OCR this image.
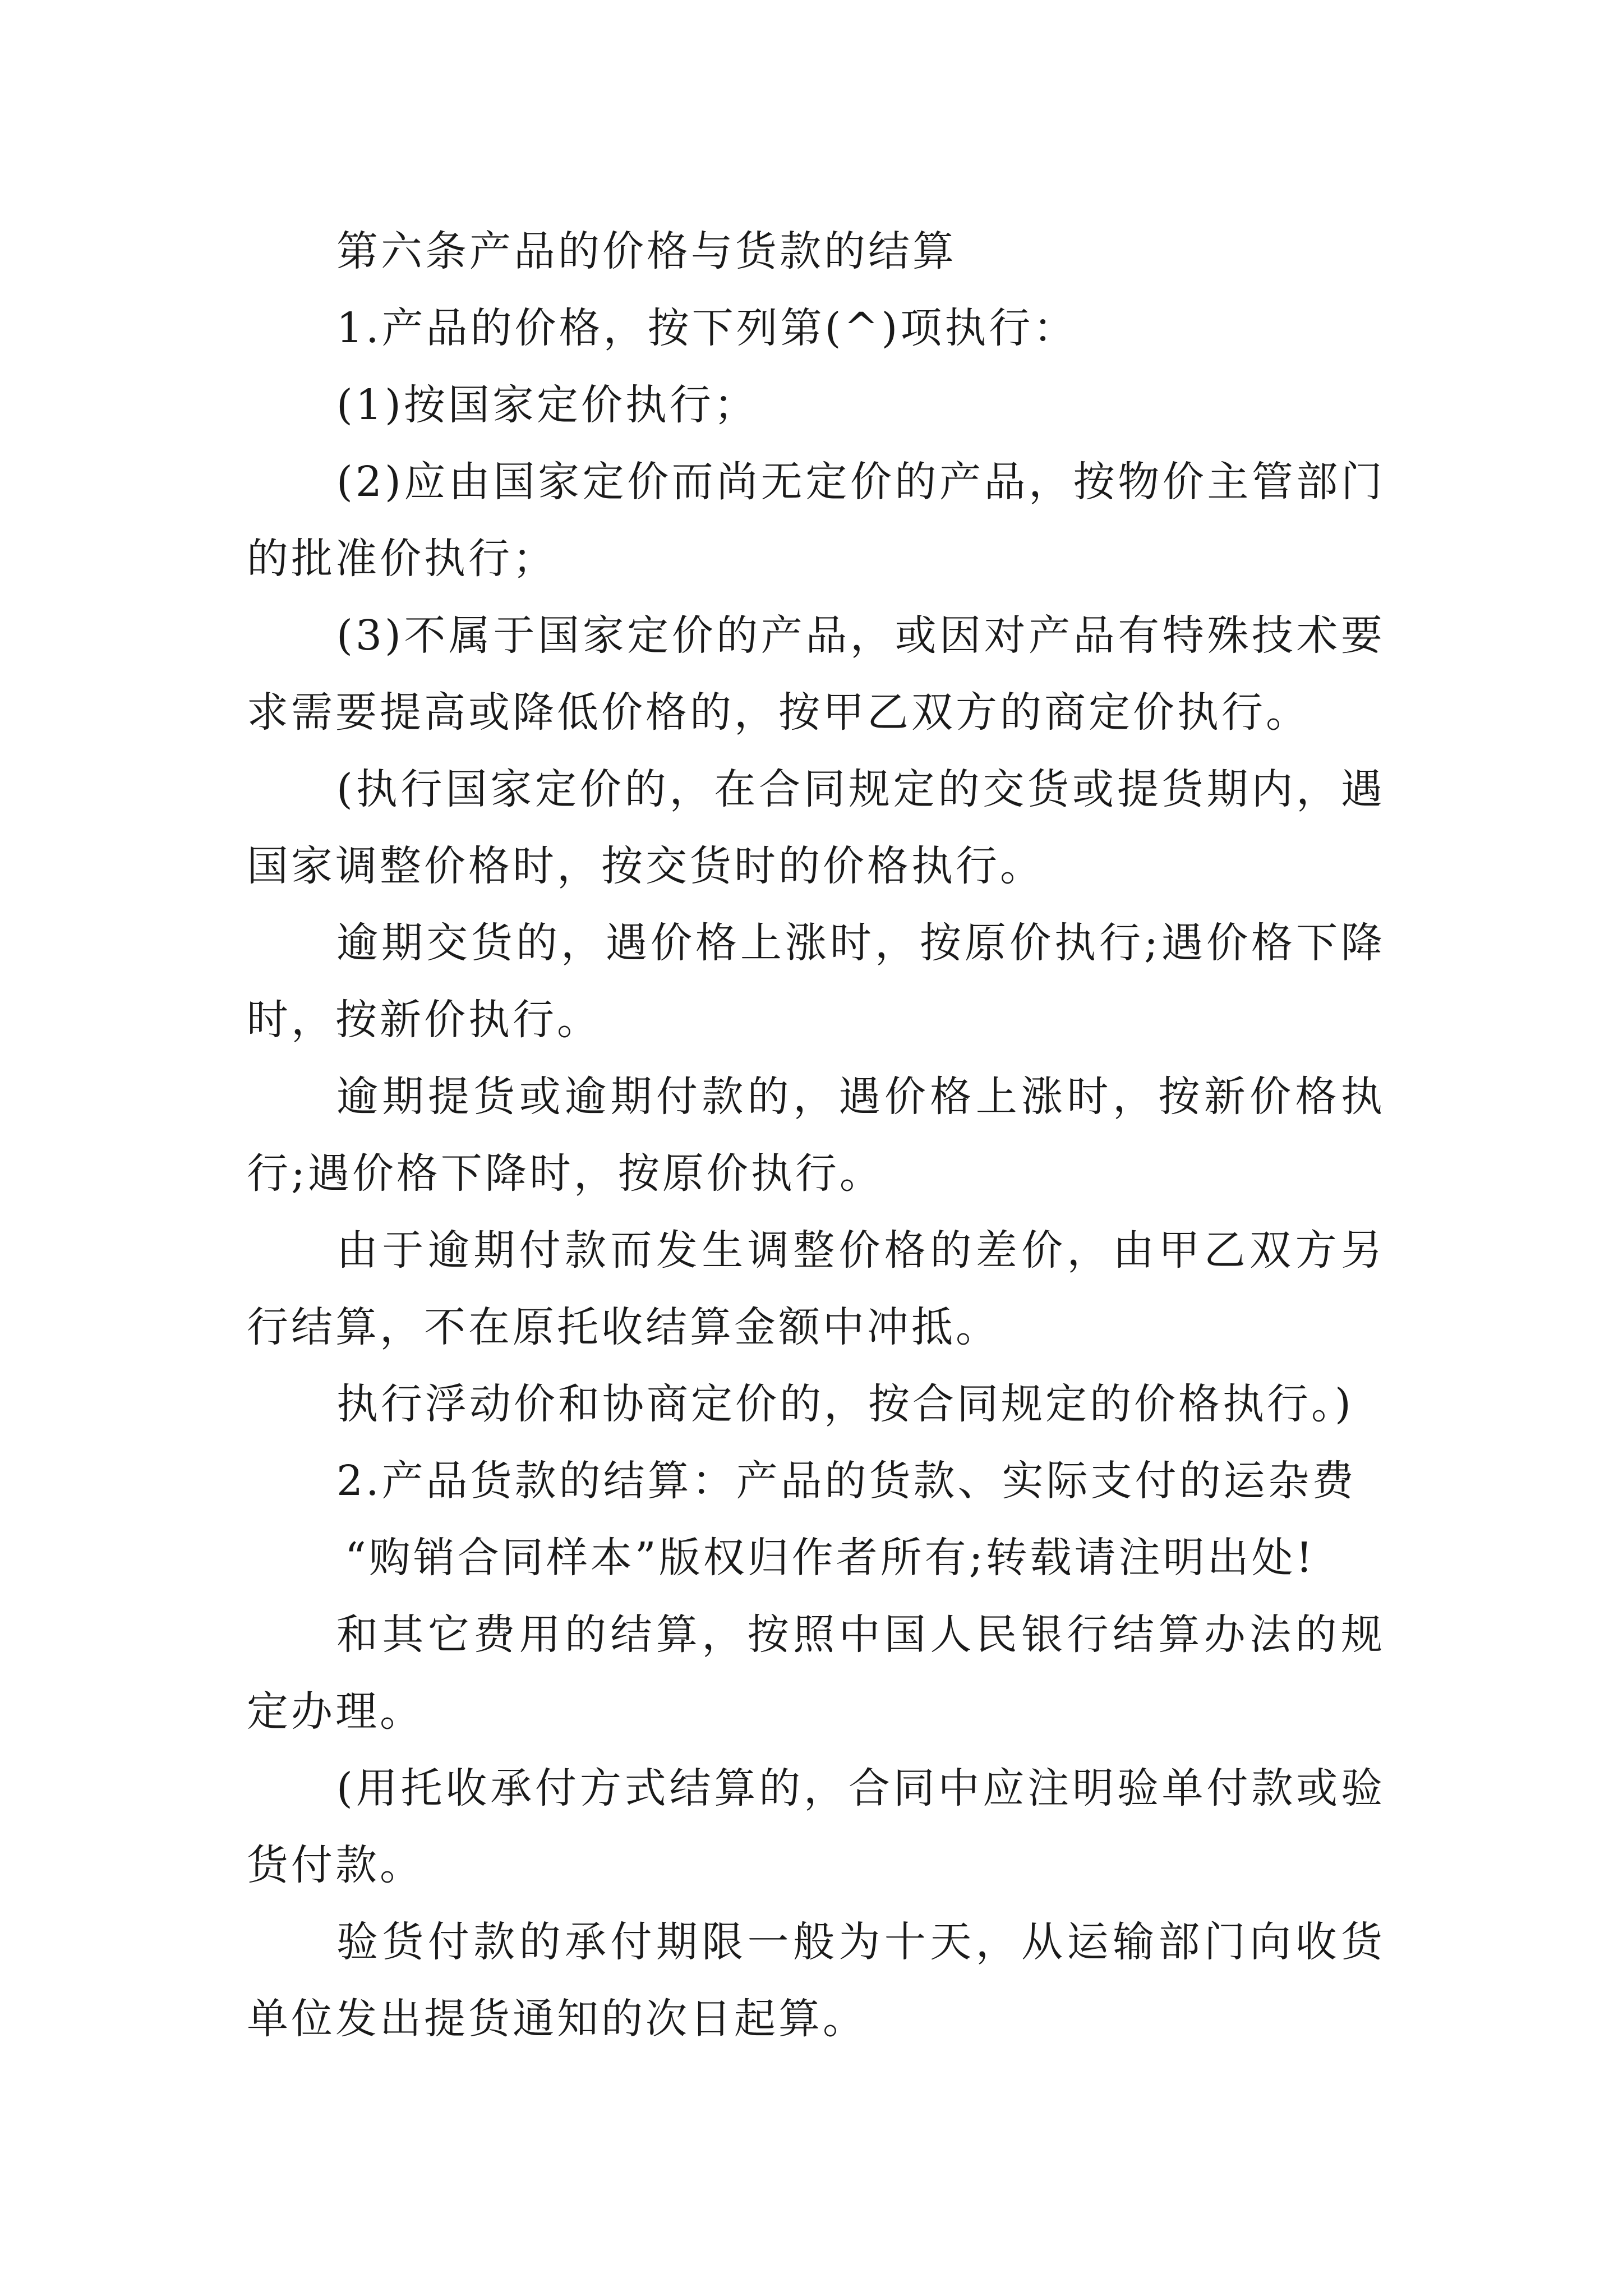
第六条产品的价格与货款的结算

1.产品的价格，按下列第(^)项执行：

(1)按国家定价执行；

(2)应由国家定价而尚无定价的产品，按物价主管部门的批准价执行；

(3)不属于国家定价的产品，或因对产品有特殊技术要求需要提高或降低价格的，按甲乙双方的商定价执行。

(执行国家定价的，在合同规定的交货或提货期内，遇国家调整价格时，按交货时的价格执行。

逾期交货的，遇价格上涨时，按原价执行;遇价格下降时，按新价执行。

逾期提货或逾期付款的，遇价格上涨时，按新价格执行;遇价格下降时，按原价执行。

由于逾期付款而发生调整价格的差价，由甲乙双方另行结算，不在原托收结算金额中冲抵。

执行浮动价和协商定价的，按合同规定的价格执行。)

2.产品货款的结算：产品的货款、实际支付的运杂费

“购销合同样本”版权归作者所有;转载请注明出处!

和其它费用的结算，按照中国人民银行结算办法的规定办理。

(用托收承付方式结算的，合同中应注明验单付款或验货付款。

验货付款的承付期限一般为十天，从运输部门向收货单位发出提货通知的次日起算。
